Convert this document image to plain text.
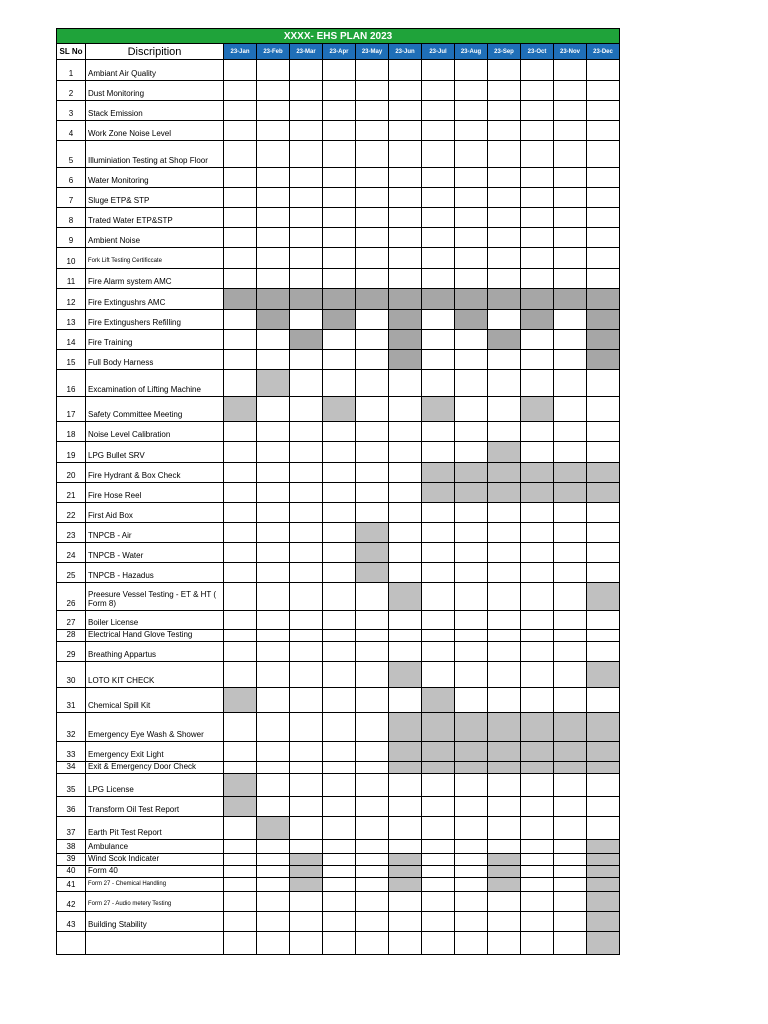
XXXX- EHS PLAN 2023													
SL No	Discripition	23-Jan	23-Feb	23-Mar	23-Apr	23-May	23-Jun	23-Jul	23-Aug	23-Sep	23-Oct	23-Nov	23-Dec
1	Ambiant Air Quality												
2	Dust Monitoring												
3	Stack Emission												
4	Work Zone Noise Level												
5	Illuminiation Testing at Shop Floor												
6	Water Monitoring												
7	Sluge ETP& STP												
8	Trated Water ETP&STP												
9	Ambient Noise												
10	Fork Lift Testing Certificcate												
11	Fire Alarm system AMC												
12	Fire Extingushrs AMC												
13	Fire Extingushers Refilling												
14	Fire Training												
15	Full Body Harness												
16	Excamination of Lifting Machine												
17	Safety Committee Meeting												
18	Noise Level Calibration												
19	LPG Bullet SRV												
20	Fire Hydrant & Box Check												
21	Fire Hose Reel												
22	First Aid Box												
23	TNPCB - Air												
24	TNPCB - Water												
25	TNPCB - Hazadus												
26	Preesure Vessel Testing - ET & HT ( Form 8)												
27	Boiler License												
28	Electrical Hand Glove Testing												
29	Breathing Appartus												
30	LOTO KIT CHECK												
31	Chemical Spill Kit												
32	Emergency Eye Wash & Shower												
33	Emergency Exit Light												
34	Exit & Emergency Door Check												
35	LPG License												
36	Transform Oil Test Report												
37	Earth Pit Test Report												
38	Ambulance												
39	Wind Scok Indicater												
40	Form 40												
41	Form 27 - Chemical Handling												
42	Form 27 - Audio metery Testing												
43	Building Stability												
